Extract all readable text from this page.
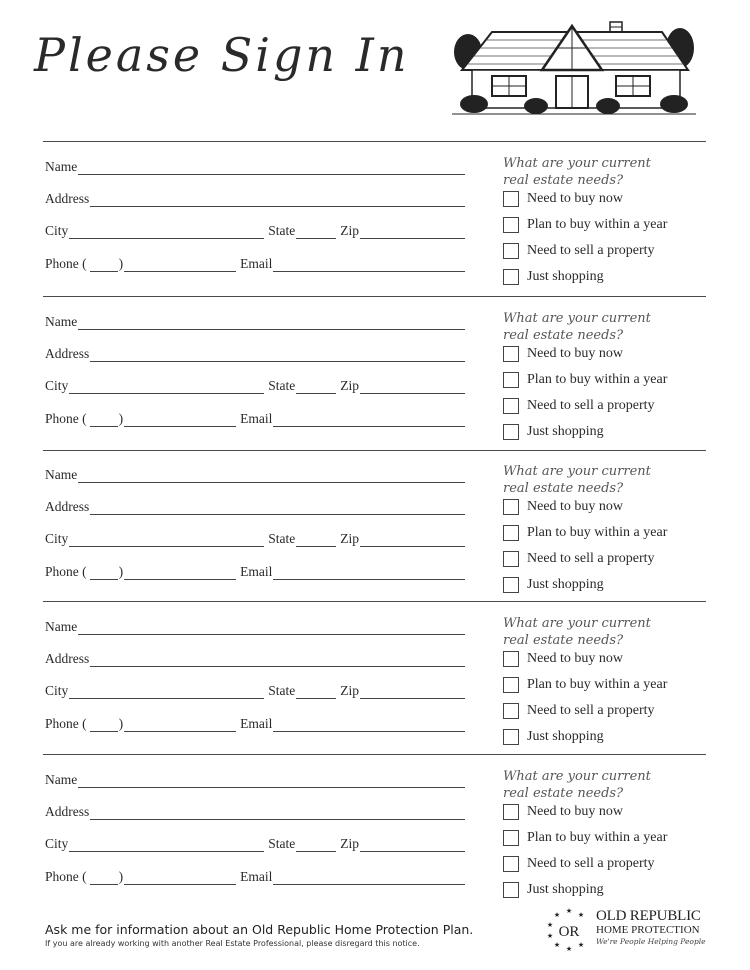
Please Sign In
Name
Address
City	State	Zip
Phone ( )	Email
What are your current
real estate needs?
Need to buy now
Plan to buy within a year
Need to sell a property
Just shopping
Name
Address
City	State	Zip
Phone ( )	Email
What are your current
real estate needs?
Need to buy now
Plan to buy within a year
Need to sell a property
Just shopping
Name
Address
City	State	Zip
Phone ( )	Email
What are your current
real estate needs?
Need to buy now
Plan to buy within a year
Need to sell a property
Just shopping
Name
Address
City	State	Zip
Phone ( )	Email
What are your current
real estate needs?
Need to buy now
Plan to buy within a year
Need to sell a property
Just shopping
Name
Address
City	State	Zip
Phone ( )	Email
What are your current
real estate needs?
Need to buy now
Plan to buy within a year
Need to sell a property
Just shopping
Ask me for information about an Old Republic Home Protection Plan.
If you are already working with another Real Estate Professional, please disregard this notice.
★
★	★
★
★
★ ★ ★
OR
OLD REPUBLIC
HOME PROTECTION
We're People Helping People
